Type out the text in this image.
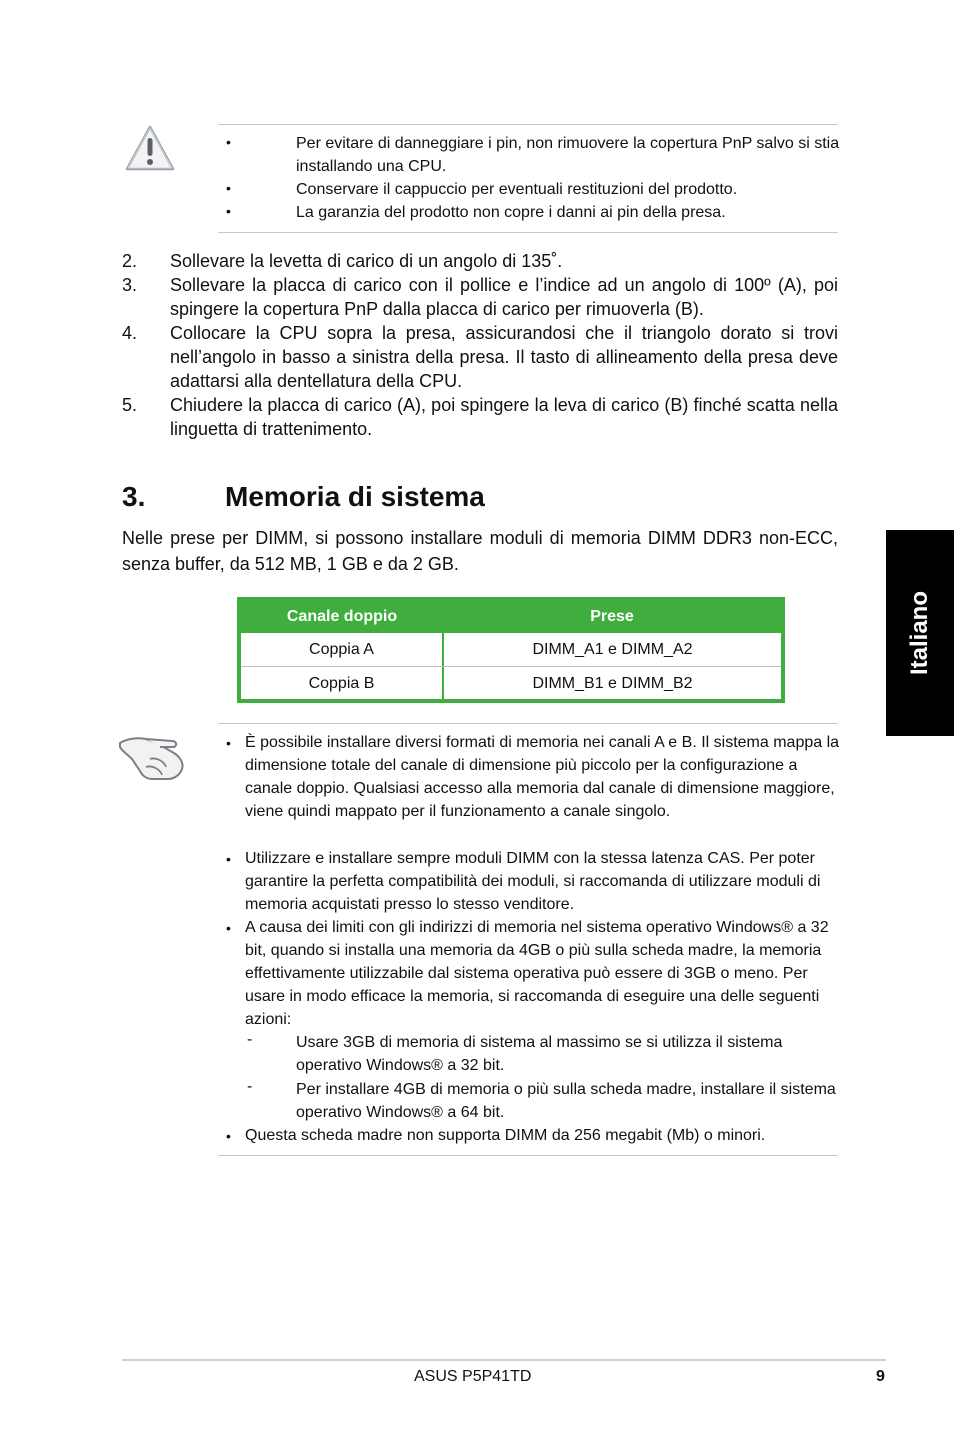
•	Per evitare di danneggiare i pin, non rimuovere la copertura PnP salvo si stia installando una CPU.
•	Conservare il cappuccio per eventuali restituzioni del prodotto.
•	La garanzia del prodotto non copre i danni ai pin della presa.
2. Sollevare la levetta di carico di un angolo di 135˚.
3. Sollevare la placca di carico con il pollice e l’indice ad un angolo di 100º (A), poi spingere la copertura PnP dalla placca di carico per rimuoverla (B).
4. Collocare la CPU sopra la presa, assicurandosi che il triangolo dorato si trovi nell’angolo in basso a sinistra della presa. Il tasto di allineamento della presa deve adattarsi alla dentellatura della CPU.
5. Chiudere la placca di carico (A), poi spingere la leva di carico (B) finché scatta nella linguetta di trattenimento.
3.	Memoria di sistema
Nelle prese per DIMM, si possono installare moduli di memoria DIMM DDR3 non-ECC, senza buffer, da 512 MB, 1 GB e da 2 GB.
Italiano
Canale doppio	Prese
Coppia A	DIMM_A1 e DIMM_A2
Coppia B	DIMM_B1 e DIMM_B2
• È possibile installare diversi formati di memoria nei canali A e B. Il sistema mappa la dimensione totale del canale di dimensione più piccolo per la configurazione a canale doppio. Qualsiasi accesso alla memoria dal canale di dimensione maggiore, viene quindi mappato per il funzionamento a canale singolo.
• Utilizzare e installare sempre moduli DIMM con la stessa latenza CAS. Per poter garantire la perfetta compatibilità dei moduli, si raccomanda di utilizzare moduli di memoria acquistati presso lo stesso venditore.
• A causa dei limiti con gli indirizzi di memoria nel sistema operativo Windows® a 32 bit, quando si installa una memoria da 4GB o più sulla scheda madre, la memoria effettivamente utilizzabile dal sistema operativa può essere di 3GB o meno. Per usare in modo efficace la memoria, si raccomanda di eseguire una delle seguenti azioni:
-	Usare 3GB di memoria di sistema al massimo se si utilizza il sistema operativo Windows® a 32 bit.
-	Per installare 4GB di memoria o più sulla scheda madre, installare il sistema operativo Windows® a 64 bit.
• Questa scheda madre non supporta DIMM da 256 megabit (Mb) o minori.
ASUS P5P41TD	9
